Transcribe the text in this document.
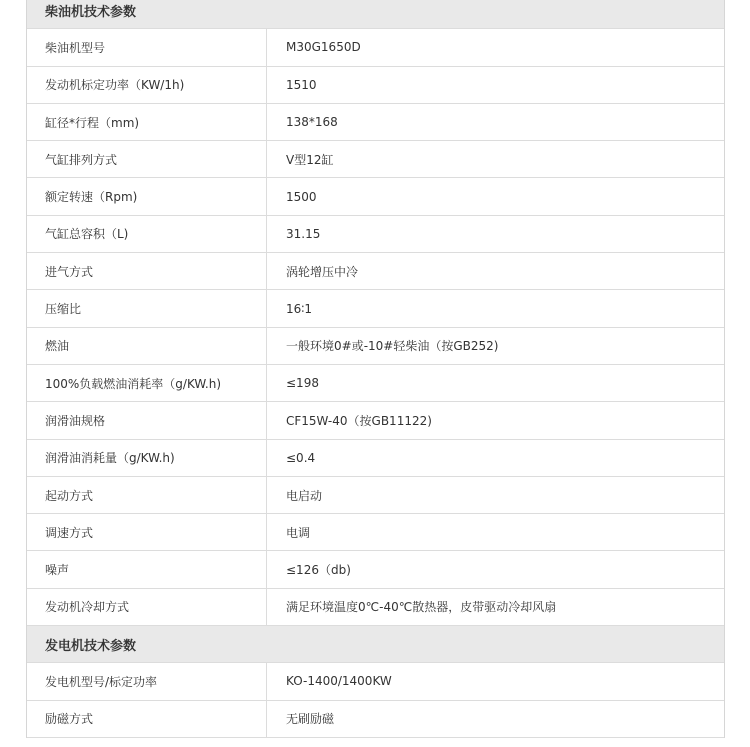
柴油机技术参数
柴油机型号	M30G1650D
发动机标定功率（KW/1h)	1510
缸径*行程（mm)	138*168
气缸排列方式	V型12缸
额定转速（Rpm)	1500
气缸总容积（L)	31.15
进气方式	涡轮增压中冷
压缩比	16∶1
燃油	一般环境0#或-10#轻柴油（按GB252)
100%负载燃油消耗率（g/KW.h)	≤198
润滑油规格	CF15W-40（按GB11122)
润滑油消耗量（g/KW.h)	≤0.4
起动方式	电启动
调速方式	电调
噪声	≤126（db)
发动机冷却方式	满足环境温度0℃-40℃散热器，皮带驱动冷却风扇
发电机技术参数
发电机型号/标定功率	KO-1400/1400KW
励磁方式	无刷励磁
